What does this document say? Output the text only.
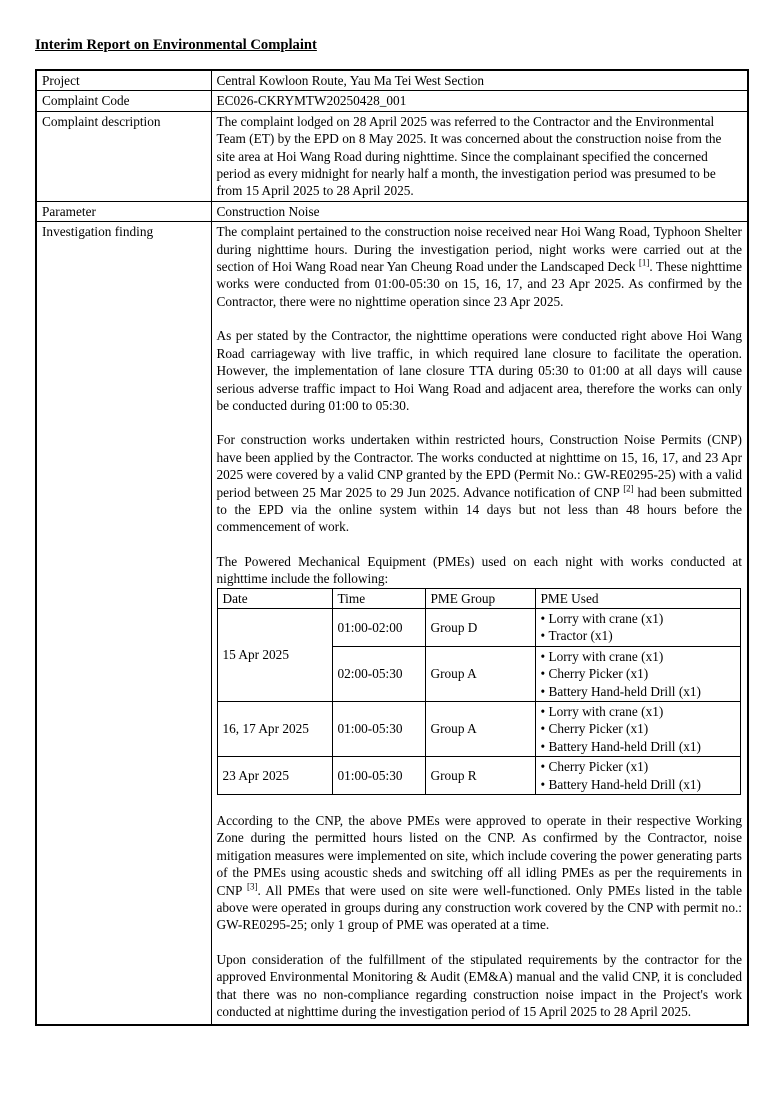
Interim Report on Environmental Complaint
Project	Central Kowloon Route, Yau Ma Tei West Section
Complaint Code	EC026-CKRYMTW20250428_001
Complaint description	The complaint lodged on 28 April 2025 was referred to the Contractor and the Environmental Team (ET) by the EPD on 8 May 2025. It was concerned about the construction noise from the site area at Hoi Wang Road during nighttime. Since the complainant specified the concerned period as every midnight for nearly half a month, the investigation period was presumed to be from 15 April 2025 to 28 April 2025.
Parameter	Construction Noise
Investigation finding	The complaint pertained to the construction noise received near Hoi Wang Road, Typhoon Shelter during nighttime hours. During the investigation period, night works were carried out at the section of Hoi Wang Road near Yan Cheung Road under the Landscaped Deck [1]. These nighttime works were conducted from 01:00-05:30 on 15, 16, 17, and 23 Apr 2025. As confirmed by the Contractor, there were no nighttime operation since 23 Apr 2025.

As per stated by the Contractor, the nighttime operations were conducted right above Hoi Wang Road carriageway with live traffic, in which required lane closure to facilitate the operation. However, the implementation of lane closure TTA during 05:30 to 01:00 at all days will cause serious adverse traffic impact to Hoi Wang Road and adjacent area, therefore the works can only be conducted during 01:00 to 05:30.

For construction works undertaken within restricted hours, Construction Noise Permits (CNP) have been applied by the Contractor. The works conducted at nighttime on 15, 16, 17, and 23 Apr 2025 were covered by a valid CNP granted by the EPD (Permit No.: GW-RE0295-25) with a valid period between 25 Mar 2025 to 29 Jun 2025. Advance notification of CNP [2] had been submitted to the EPD via the online system within 14 days but not less than 48 hours before the commencement of work.

The Powered Mechanical Equipment (PMEs) used on each night with works conducted at nighttime include the following:

Date	Time	PME Group	PME Used
15 Apr 2025	01:00-02:00	Group D	
• Lorry with crane (x1)
• Tractor (x1)

02:00-05:30	Group A	
• Lorry with crane (x1)
• Cherry Picker (x1)
• Battery Hand-held Drill (x1)

16, 17 Apr 2025	01:00-05:30	Group A	
• Lorry with crane (x1)
• Cherry Picker (x1)
• Battery Hand-held Drill (x1)

23 Apr 2025	01:00-05:30	Group R	
• Cherry Picker (x1)
• Battery Hand-held Drill (x1)

According to the CNP, the above PMEs were approved to operate in their respective Working Zone during the permitted hours listed on the CNP. As confirmed by the Contractor, noise mitigation measures were implemented on site, which include covering the power generating parts of the PMEs using acoustic sheds and switching off all idling PMEs as per the requirements in CNP [3]. All PMEs that were used on site were well-functioned. Only PMEs listed in the table above were operated in groups during any construction work covered by the CNP with permit no.: GW-RE0295-25; only 1 group of PME was operated at a time.

Upon consideration of the fulfillment of the stipulated requirements by the contractor for the approved Environmental Monitoring & Audit (EM&A) manual and the valid CNP, it is concluded that there was no non-compliance regarding construction noise impact in the Project's work conducted at nighttime during the investigation period of 15 April 2025 to 28 April 2025.
